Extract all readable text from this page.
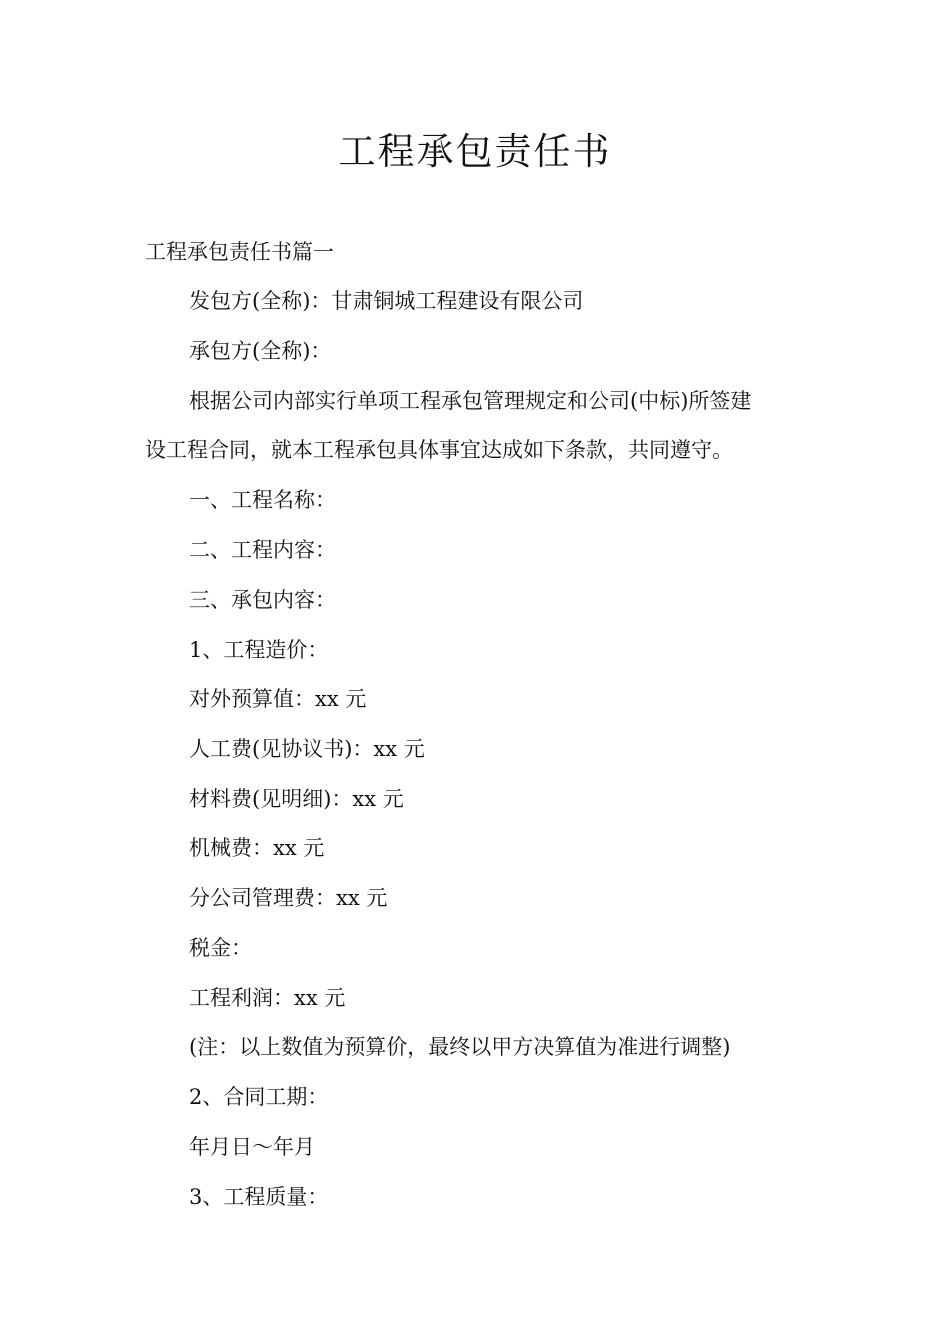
工程承包责任书
工程承包责任书篇一
发包方(全称)：甘肃铜城工程建设有限公司
承包方(全称)：
根据公司内部实行单项工程承包管理规定和公司(中标)所签建
设工程合同，就本工程承包具体事宜达成如下条款，共同遵守。
一、工程名称：
二、工程内容：
三、承包内容：
1、工程造价：
对外预算值：xx 元
人工费(见协议书)：xx 元
材料费(见明细)：xx 元
机械费：xx 元
分公司管理费：xx 元
税金：
工程利润：xx 元
(注：以上数值为预算价，最终以甲方决算值为准进行调整)
2、合同工期：
年月日～年月
3、工程质量：
